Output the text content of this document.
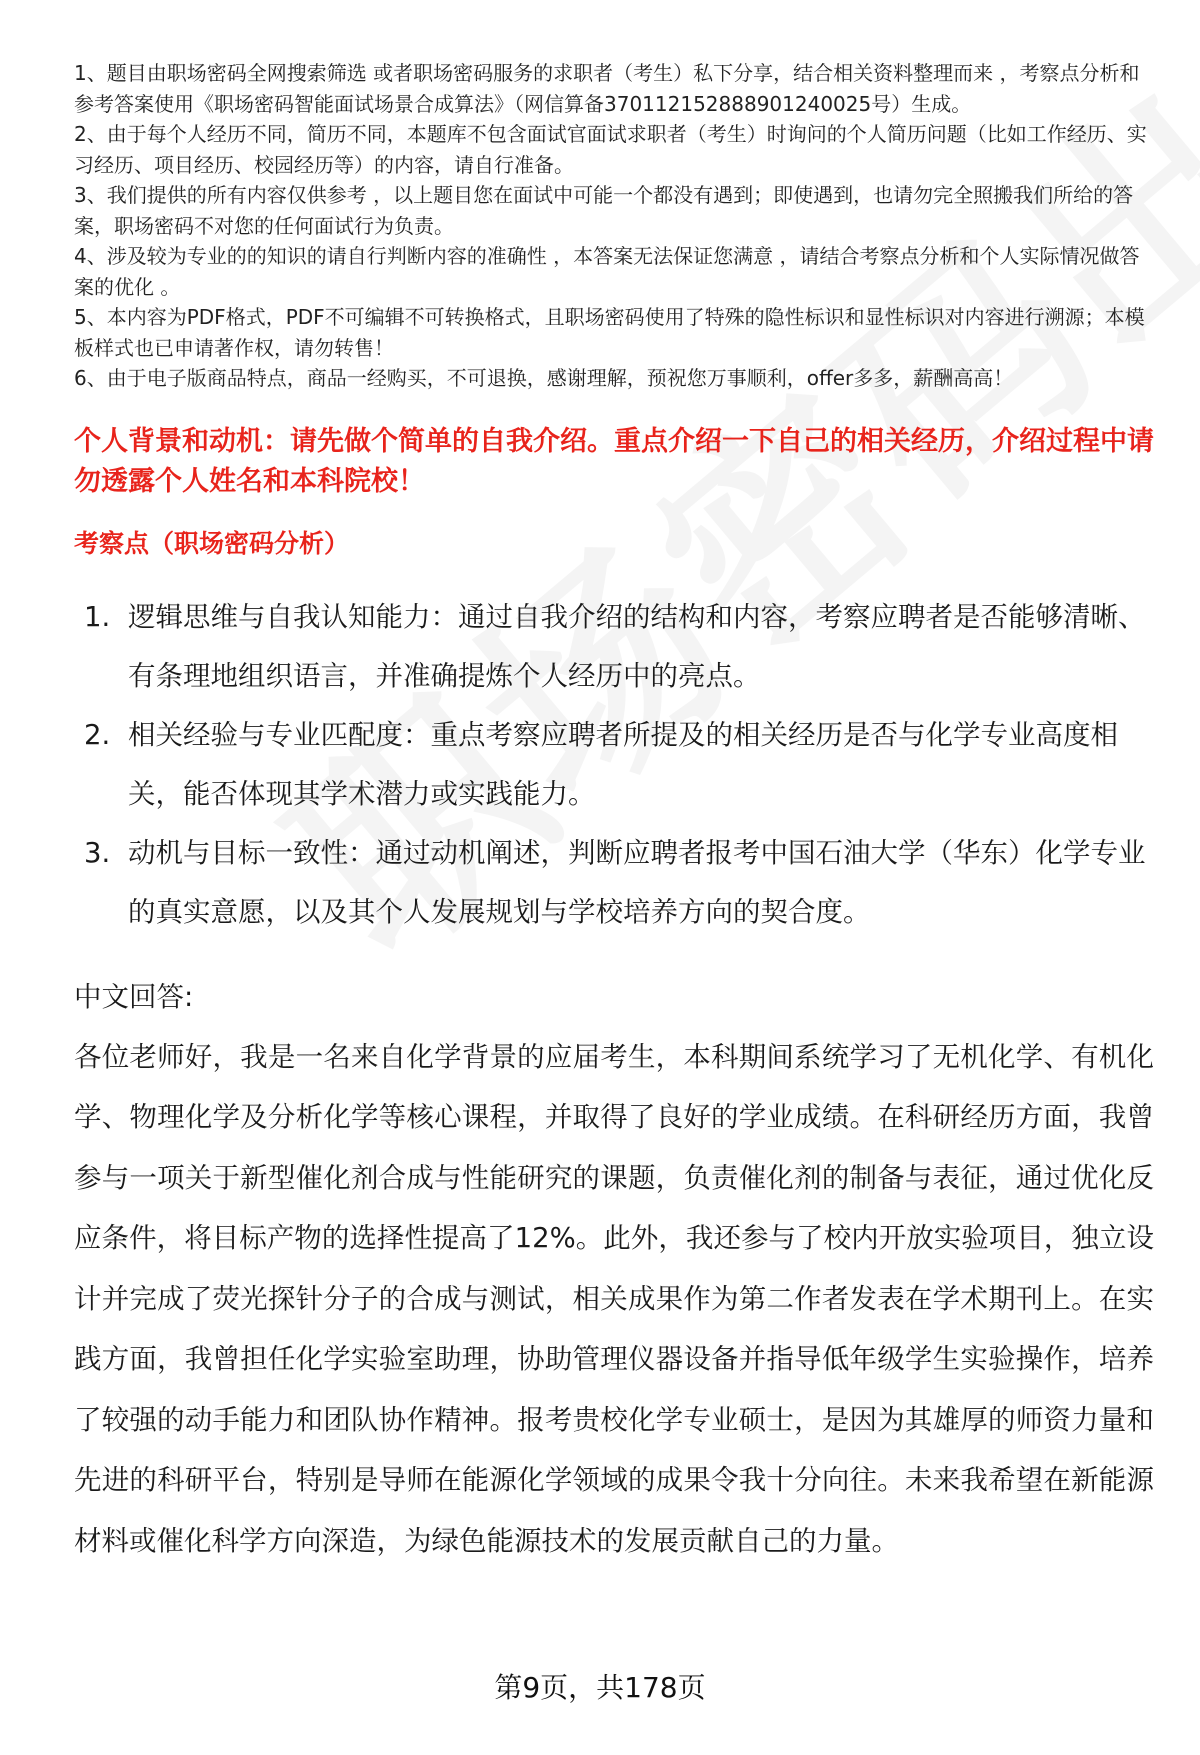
1、题目由职场密码全网搜索筛选 或者职场密码服务的求职者（考生）私下分享，结合相关资料整理而来 ，考察点分析和参考答案使用《职场密码智能面试场景合成算法》（网信算备370112152888901240025号）生成。

2、由于每个人经历不同，简历不同，本题库不包含面试官面试求职者（考生）时询问的个人简历问题（比如工作经历、实习经历、项目经历、校园经历等）的内容，请自行准备。

3、我们提供的所有内容仅供参考 ，以上题目您在面试中可能一个都没有遇到；即使遇到，也请勿完全照搬我们所给的答案，职场密码不对您的任何面试行为负责。

4、涉及较为专业的的知识的请自行判断内容的准确性 ，本答案无法保证您满意 ，请结合考察点分析和个人实际情况做答案的优化 。

5、本内容为PDF格式，PDF不可编辑不可转换格式，且职场密码使用了特殊的隐性标识和显性标识对内容进行溯源；本模板样式也已申请著作权，请勿转售！

6、由于电子版商品特点，商品一经购买，不可退换，感谢理解，预祝您万事顺利，offer多多，薪酬高高！

个人背景和动机：请先做个简单的自我介绍。重点介绍一下自己的相关经历，介绍过程中请勿透露个人姓名和本科院校！
考察点（职场密码分析）
1. 逻辑思维与自我认知能力：通过自我介绍的结构和内容，考察应聘者是否能够清晰、有条理地组织语言，并准确提炼个人经历中的亮点。
2. 相关经验与专业匹配度：重点考察应聘者所提及的相关经历是否与化学专业高度相关，能否体现其学术潜力或实践能力。
3. 动机与目标一致性：通过动机阐述，判断应聘者报考中国石油大学（华东）化学专业的真实意愿，以及其个人发展规划与学校培养方向的契合度。
中文回答:

各位老师好，我是一名来自化学背景的应届考生，本科期间系统学习了无机化学、有机化学、物理化学及分析化学等核心课程，并取得了良好的学业成绩。在科研经历方面，我曾参与一项关于新型催化剂合成与性能研究的课题，负责催化剂的制备与表征，通过优化反应条件，将目标产物的选择性提高了12%。此外，我还参与了校内开放实验项目，独立设计并完成了荧光探针分子的合成与测试，相关成果作为第二作者发表在学术期刊上。在实践方面，我曾担任化学实验室助理，协助管理仪器设备并指导低年级学生实验操作，培养了较强的动手能力和团队协作精神。报考贵校化学专业硕士，是因为其雄厚的师资力量和先进的科研平台，特别是导师在能源化学领域的成果令我十分向往。未来我希望在新能源材料或催化科学方向深造，为绿色能源技术的发展贡献自己的力量。

第9页，共178页
